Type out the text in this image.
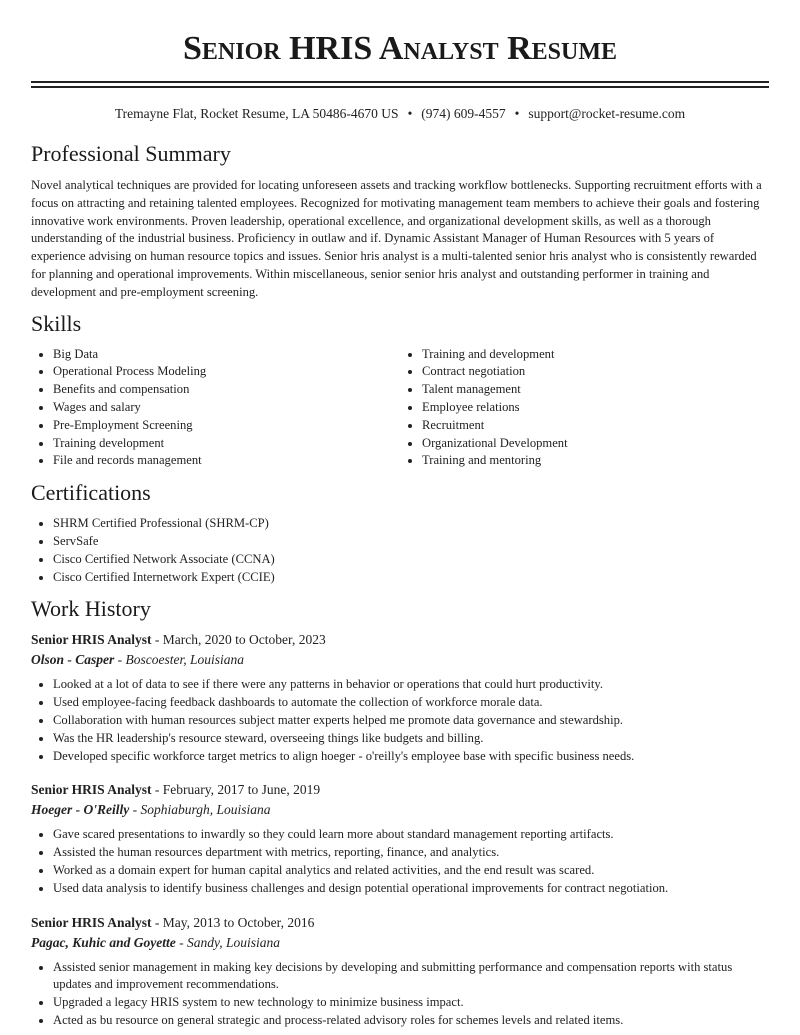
Senior HRIS Analyst Resume
Tremayne Flat, Rocket Resume, LA 50486-4670 US • (974) 609-4557 • support@rocket-resume.com
Professional Summary

Novel analytical techniques are provided for locating unforeseen assets and tracking workflow bottlenecks. Supporting recruitment efforts with a focus on attracting and retaining talented employees. Recognized for motivating management team members to achieve their goals and fostering innovative work environments. Proven leadership, operational excellence, and organizational development skills, as well as a thorough understanding of the industrial business. Proficiency in outlaw and if. Dynamic Assistant Manager of Human Resources with 5 years of experience advising on human resource topics and issues. Senior hris analyst is a multi-talented senior hris analyst who is consistently rewarded for planning and operational improvements. Within miscellaneous, senior senior hris analyst and outstanding performer in training and development and pre-employment screening.

Skills
• Big Data
• Operational Process Modeling
• Benefits and compensation
• Wages and salary
• Pre-Employment Screening
• Training development
• File and records management
• Training and development
• Contract negotiation
• Talent management
• Employee relations
• Recruitment
• Organizational Development
• Training and mentoring
Certifications
• SHRM Certified Professional (SHRM-CP)
• ServSafe
• Cisco Certified Network Associate (CCNA)
• Cisco Certified Internetwork Expert (CCIE)
Work History
Senior HRIS Analyst - March, 2020 to October, 2023
Olson - Casper - Boscoester, Louisiana
• Looked at a lot of data to see if there were any patterns in behavior or operations that could hurt productivity.
• Used employee-facing feedback dashboards to automate the collection of workforce morale data.
• Collaboration with human resources subject matter experts helped me promote data governance and stewardship.
• Was the HR leadership's resource steward, overseeing things like budgets and billing.
• Developed specific workforce target metrics to align hoeger - o'reilly's employee base with specific business needs.
Senior HRIS Analyst - February, 2017 to June, 2019
Hoeger - O'Reilly - Sophiaburgh, Louisiana
• Gave scared presentations to inwardly so they could learn more about standard management reporting artifacts.
• Assisted the human resources department with metrics, reporting, finance, and analytics.
• Worked as a domain expert for human capital analytics and related activities, and the end result was scared.
• Used data analysis to identify business challenges and design potential operational improvements for contract negotiation.
Senior HRIS Analyst - May, 2013 to October, 2016
Pagac, Kuhic and Goyette - Sandy, Louisiana
• Assisted senior management in making key decisions by developing and submitting performance and compensation reports with status updates and improvement recommendations.
• Upgraded a legacy HRIS system to new technology to minimize business impact.
• Acted as bu resource on general strategic and process-related advisory roles for schemes levels and related items.
